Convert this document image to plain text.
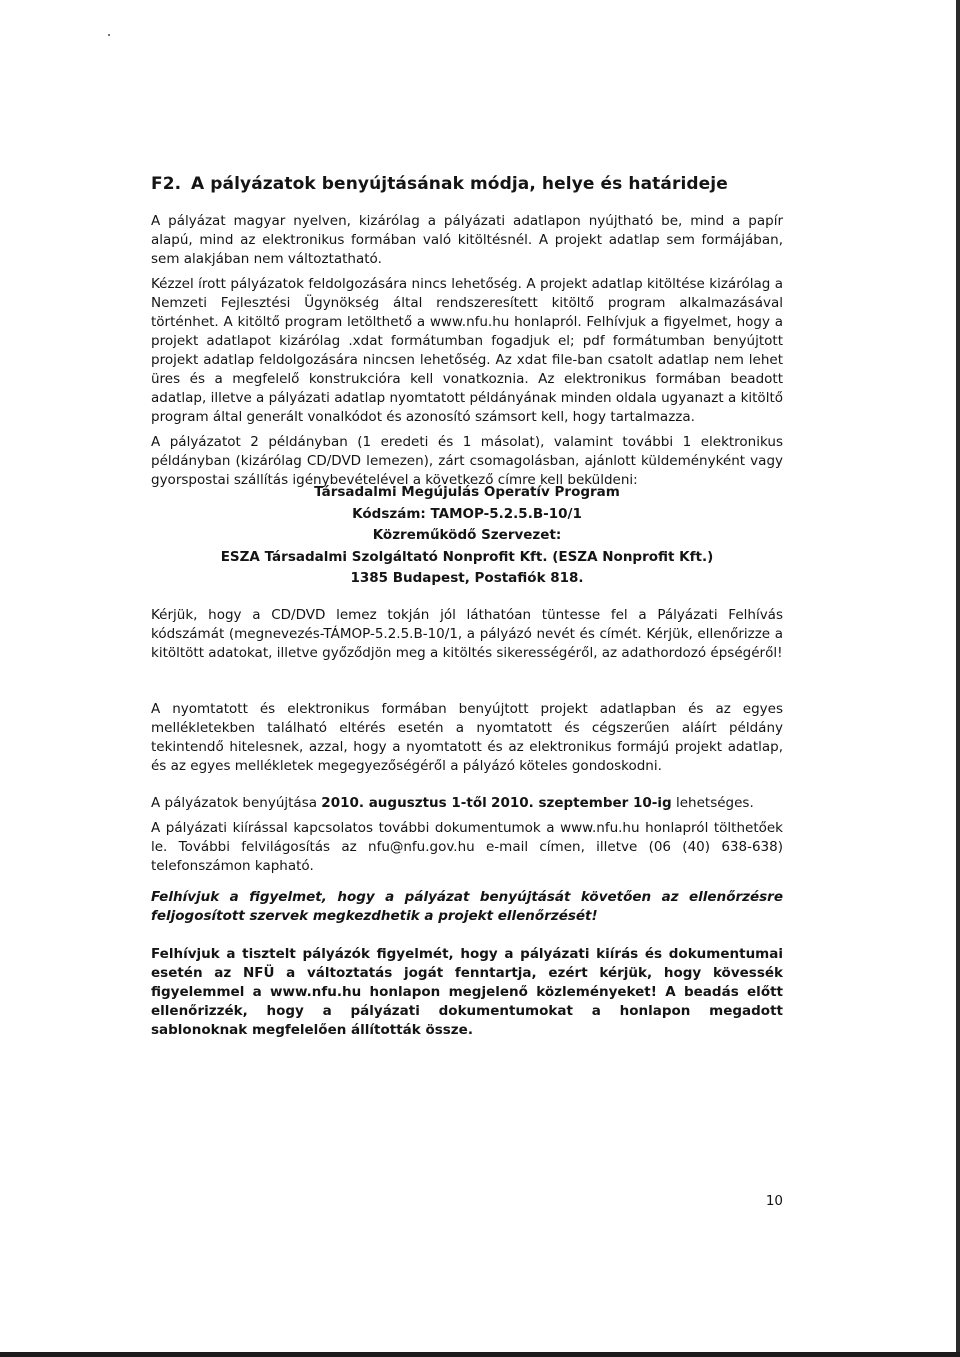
F2. A pályázatok benyújtásának módja, helye és határideje

A pályázat magyar nyelven, kizárólag a pályázati adatlapon nyújtható be, mind a papír alapú, mind az elektronikus formában való kitöltésnél. A projekt adatlap sem formájában, sem alakjában nem változtatható.

Kézzel írott pályázatok feldolgozására nincs lehetőség. A projekt adatlap kitöltése kizárólag a Nemzeti Fejlesztési Ügynökség által rendszeresített kitöltő program alkalmazásával történhet. A kitöltő program letölthető a www.nfu.hu honlapról. Felhívjuk a figyelmet, hogy a projekt adatlapot kizárólag .xdat formátumban fogadjuk el; pdf formátumban benyújtott projekt adatlap feldolgozására nincsen lehetőség. Az xdat file-ban csatolt adatlap nem lehet üres és a megfelelő konstrukcióra kell vonatkoznia. Az elektronikus formában beadott adatlap, illetve a pályázati adatlap nyomtatott példányának minden oldala ugyanazt a kitöltő program által generált vonalkódot és azonosító számsort kell, hogy tartalmazza.

A pályázatot 2 példányban (1 eredeti és 1 másolat), valamint további 1 elektronikus példányban (kizárólag CD/DVD lemezen), zárt csomagolásban, ajánlott küldeményként vagy gyorspostai szállítás igénybevételével a következő címre kell beküldeni:

Társadalmi Megújulás Operatív Program
Kódszám: TAMOP-5.2.5.B-10/1
Közreműködő Szervezet:
ESZA Társadalmi Szolgáltató Nonprofit Kft. (ESZA Nonprofit Kft.)
1385 Budapest, Postafiók 818.

Kérjük, hogy a CD/DVD lemez tokján jól láthatóan tüntesse fel a Pályázati Felhívás kódszámát (megnevezés-TÁMOP-5.2.5.B-10/1, a pályázó nevét és címét. Kérjük, ellenőrizze a kitöltött adatokat, illetve győződjön meg a kitöltés sikerességéről, az adathordozó épségéről!

A nyomtatott és elektronikus formában benyújtott projekt adatlapban és az egyes mellékletekben található eltérés esetén a nyomtatott és cégszerűen aláírt példány tekintendő hitelesnek, azzal, hogy a nyomtatott és az elektronikus formájú projekt adatlap, és az egyes mellékletek megegyezőségéről a pályázó köteles gondoskodni.

A pályázatok benyújtása 2010. augusztus 1-től 2010. szeptember 10-ig lehetséges.

A pályázati kiírással kapcsolatos további dokumentumok a www.nfu.hu honlapról tölthetőek le. További felvilágosítás az nfu@nfu.gov.hu e-mail címen, illetve (06 (40) 638-638) telefonszámon kapható.

Felhívjuk a figyelmet, hogy a pályázat benyújtását követően az ellenőrzésre feljogosított szervek megkezdhetik a projekt ellenőrzését!

Felhívjuk a tisztelt pályázók figyelmét, hogy a pályázati kiírás és dokumentumai esetén az NFÜ a változtatás jogát fenntartja, ezért kérjük, hogy kövessék figyelemmel a www.nfu.hu honlapon megjelenő közleményeket! A beadás előtt ellenőrizzék, hogy a pályázati dokumentumokat a honlapon megadott sablonoknak megfelelően állították össze.

10
